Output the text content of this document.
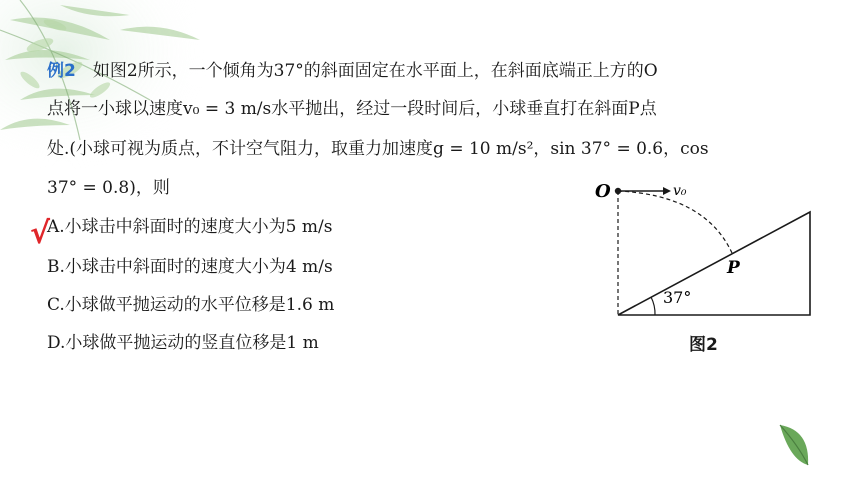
例2   如图2所示，一个倾角为37°的斜面固定在水平面上，在斜面底端正上方的O
点将一小球以速度v₀ = 3 m/s水平抛出，经过一段时间后，小球垂直打在斜面P点
处.(小球可视为质点，不计空气阻力，取重力加速度g = 10 m/s²，sin 37° = 0.6，cos
37° = 0.8)，则
√
A.小球击中斜面时的速度大小为5 m/s
B.小球击中斜面时的速度大小为4 m/s
C.小球做平抛运动的水平位移是1.6 m
D.小球做平抛运动的竖直位移是1 m
O	v₀
P
37°
图2
